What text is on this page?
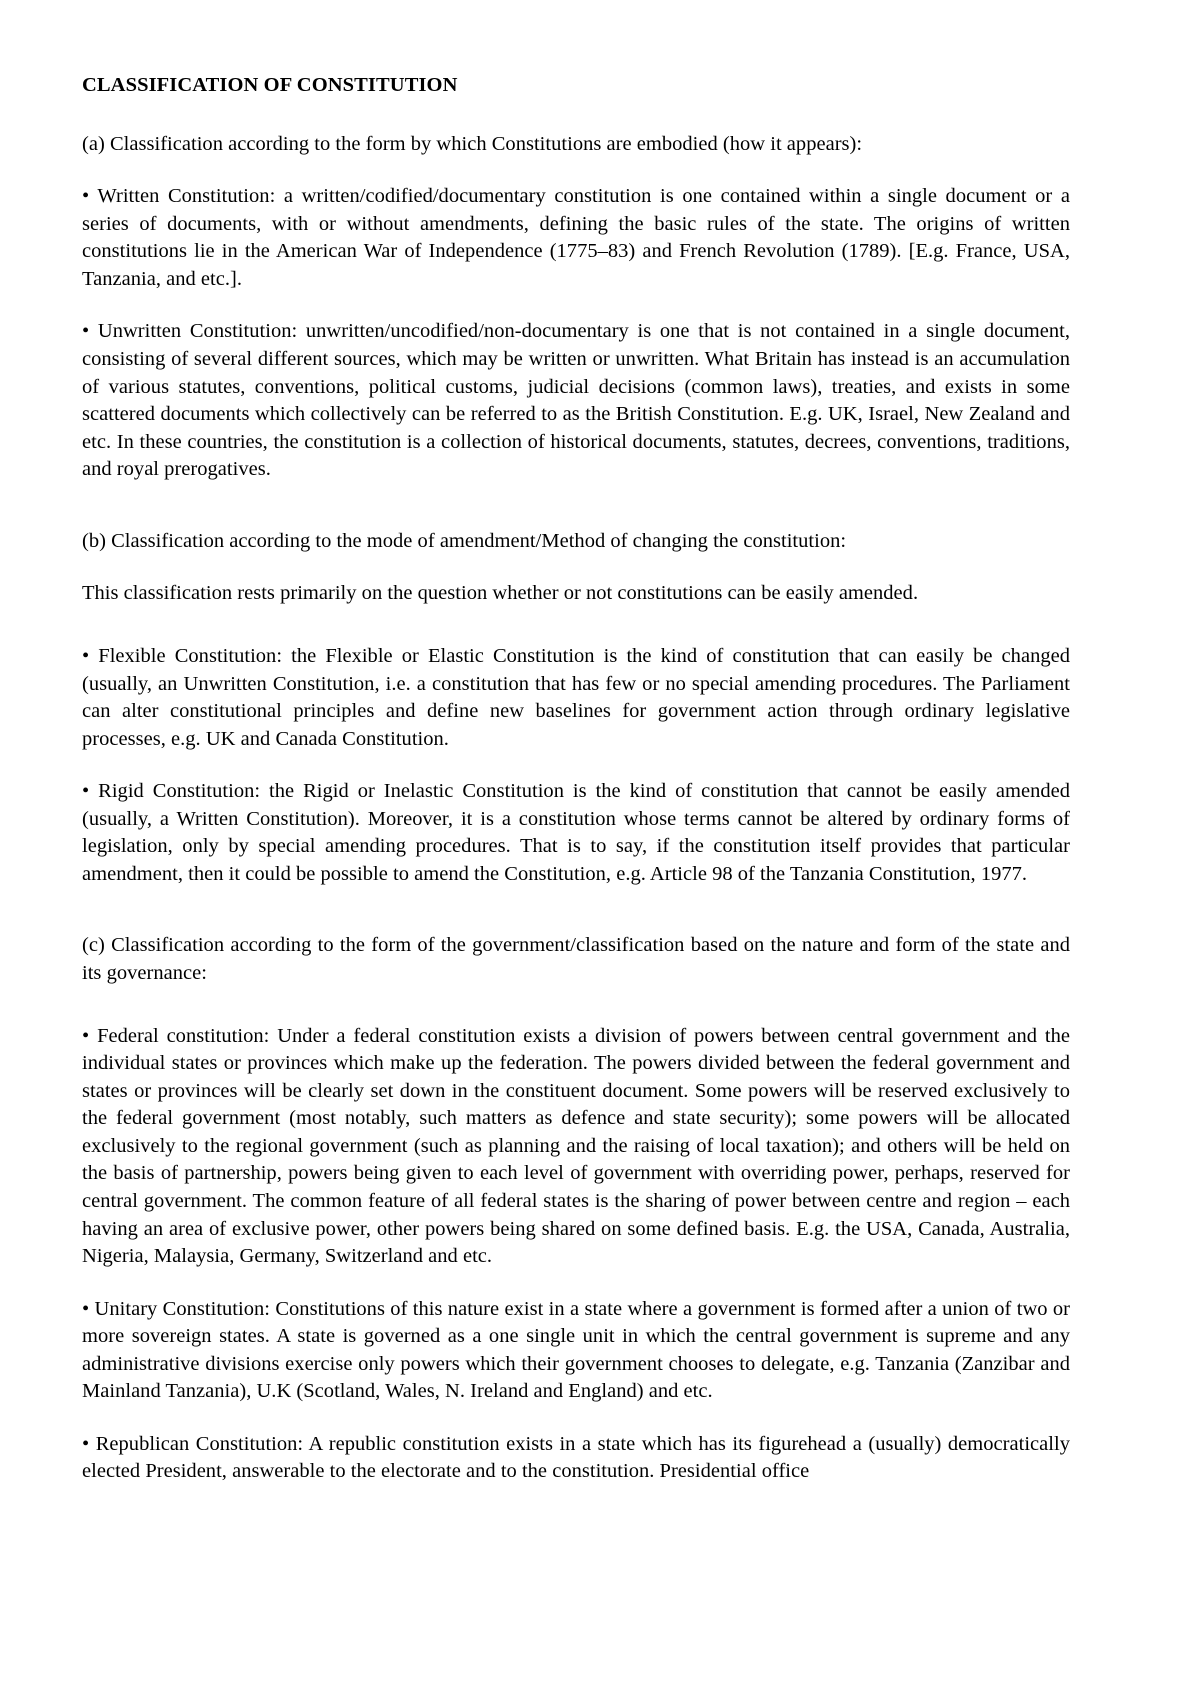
CLASSIFICATION OF CONSTITUTION

(a) Classification according to the form by which Constitutions are embodied (how it appears):

• Written Constitution: a written/codified/documentary constitution is one contained within a single document or a series of documents, with or without amendments, defining the basic rules of the state. The origins of written constitutions lie in the American War of Independence (1775–83) and French Revolution (1789). [E.g. France, USA, Tanzania, and etc.].

• Unwritten Constitution: unwritten/uncodified/non-documentary is one that is not contained in a single document, consisting of several different sources, which may be written or unwritten. What Britain has instead is an accumulation of various statutes, conventions, political customs, judicial decisions (common laws), treaties, and exists in some scattered documents which collectively can be referred to as the British Constitution. E.g. UK, Israel, New Zealand and etc. In these countries, the constitution is a collection of historical documents, statutes, decrees, conventions, traditions, and royal prerogatives.

(b) Classification according to the mode of amendment/Method of changing the constitution:

This classification rests primarily on the question whether or not constitutions can be easily amended.

• Flexible Constitution: the Flexible or Elastic Constitution is the kind of constitution that can easily be changed (usually, an Unwritten Constitution, i.e. a constitution that has few or no special amending procedures. The Parliament can alter constitutional principles and define new baselines for government action through ordinary legislative processes, e.g. UK and Canada Constitution.

• Rigid Constitution: the Rigid or Inelastic Constitution is the kind of constitution that cannot be easily amended (usually, a Written Constitution). Moreover, it is a constitution whose terms cannot be altered by ordinary forms of legislation, only by special amending procedures. That is to say, if the constitution itself provides that particular amendment, then it could be possible to amend the Constitution, e.g. Article 98 of the Tanzania Constitution, 1977.

(c) Classification according to the form of the government/classification based on the nature and form of the state and its governance:

• Federal constitution: Under a federal constitution exists a division of powers between central government and the individual states or provinces which make up the federation. The powers divided between the federal government and states or provinces will be clearly set down in the constituent document. Some powers will be reserved exclusively to the federal government (most notably, such matters as defence and state security); some powers will be allocated exclusively to the regional government (such as planning and the raising of local taxation); and others will be held on the basis of partnership, powers being given to each level of government with overriding power, perhaps, reserved for central government. The common feature of all federal states is the sharing of power between centre and region – each having an area of exclusive power, other powers being shared on some defined basis. E.g. the USA, Canada, Australia, Nigeria, Malaysia, Germany, Switzerland and etc.

• Unitary Constitution: Constitutions of this nature exist in a state where a government is formed after a union of two or more sovereign states. A state is governed as a one single unit in which the central government is supreme and any administrative divisions exercise only powers which their government chooses to delegate, e.g. Tanzania (Zanzibar and Mainland Tanzania), U.K (Scotland, Wales, N. Ireland and England) and etc.

• Republican Constitution: A republic constitution exists in a state which has its figurehead a (usually) democratically elected President, answerable to the electorate and to the constitution. Presidential office
